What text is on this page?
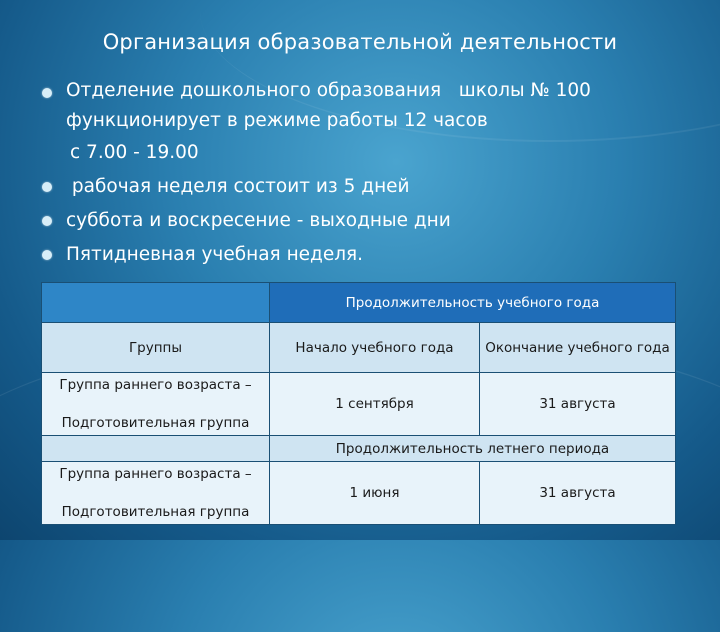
Организация образовательной деятельности
Отделение дошкольного образования   школы № 100
функционирует в режиме работы 12 часов
с 7.00 - 19.00
рабочая неделя состоит из 5 дней
суббота и воскресение - выходные дни
Пятидневная учебная неделя.
	Продолжительность учебного года	
Группы	Начало учебного года	Окончание учебного года

Группа раннего возраста –
Подготовительная группа	1 сентября	31 августа
	Продолжительность летнего периода	

Группа раннего возраста –
Подготовительная группа	1 июня	31 августа
